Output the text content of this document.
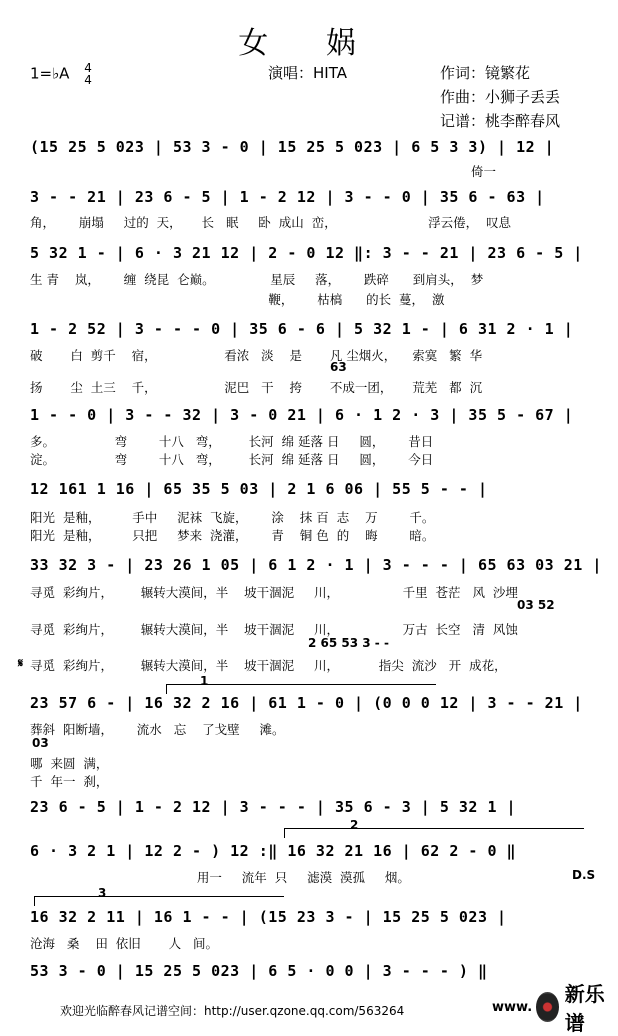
女 娲
1=♭A 4
4	演唱：HITA	作词：镜繁花
作曲：小狮子丢丢
记谱：桃李醉春风
(15 25 5 023 | 53 3 - 0 | 15 25 5 023 | 6 5 3 3) | 12 |
倚一
3 - - 21 | 23 6 - 5 | 1 - 2 12 | 3 - - 0 | 35 6 - 63 |
角，      崩塌     过的  天，     长   眠     卧  成山  峦，                       浮云倦，  叹息
5 32 1 - | 6 · 3 21 12 | 2 - 0 12 ‖: 3 - - 21 | 23 6 - 5 |
生 青    岚，      缠  绕昆  仑巅。              星辰     落，      跌碎      到肩头，  梦
鞭，      枯槁      的长  蔓，  激
1 - 2 52 | 3 - - - 0 | 35 6 - 6 | 5 32 1 - | 6 31 2 · 1 |
破       白  剪千    宿，                 看浓   淡    是       凡 尘烟火，    索寞   繁  华
63
扬       尘  土三    千，                 泥巴   干    挎       不成一团，     荒芜   都  沉
1 - - 0 | 3 - - 32 | 3 - 0 21 | 6 · 1 2 · 3 | 35 5 - 67 |
多。               弯        十八   弯，       长河  绵 延落 日     圆，      昔日
淀。               弯        十八   弯，       长河  绵 延落 日     圆，      今日
12 161 1 16 | 65 35 5 03 | 2 1 6 06 | 55 5 - - |
阳光  是釉，        手中     泥袜  飞旋，      涂    抹 百  志    万        千。
阳光  是釉，        只把     梦来  浇灌，      青    铜 色  的    晦        暗。
33 32 3 - | 23 26 1 05 | 6 1 2 · 1 | 3 - - - | 65 63 03 21 |
寻觅  彩绚片，       辗转大漠间，半    坡干涸泥     川，                千里  苍茫   风  沙埋
03 52
寻觅  彩绚片，       辗转大漠间，半    坡干涸泥     川，                万古  长空   清  风蚀
2 65 53 3 - -
𝄋 寻觅  彩绚片，       辗转大漠间，半    坡干涸泥     川，          指尖  流沙   开  成花，
1
23 57 6 - | 16 32 2 16 | 61 1 - 0 | (0 0 0 12 | 3 - - 21 |
葬斜  阳断墙，      流水   忘    了戈壁     滩。
03
哪  来圆  满，
千  年一  刹，
23 6 - 5 | 1 - 2 12 | 3 - - - | 35 6 - 3 | 5 32 1 |
2
6 · 3 2 1 | 12 2 - ) 12 :‖ 16 32 21 16 | 62 2 - 0 ‖
D.S
用一     流年  只     滤漠  漠孤     烟。
3
16 32 2 11 | 16 1 - - | (15 23 3 - | 15 25 5 023 |
沧海   桑    田  依旧       人   间。
53 3 - 0 | 15 25 5 023 | 6 5 · 0 0 | 3 - - - ) ‖
欢迎光临醉春风记谱空间：http://user.qzone.qq.com/563264	www.
新乐谱
